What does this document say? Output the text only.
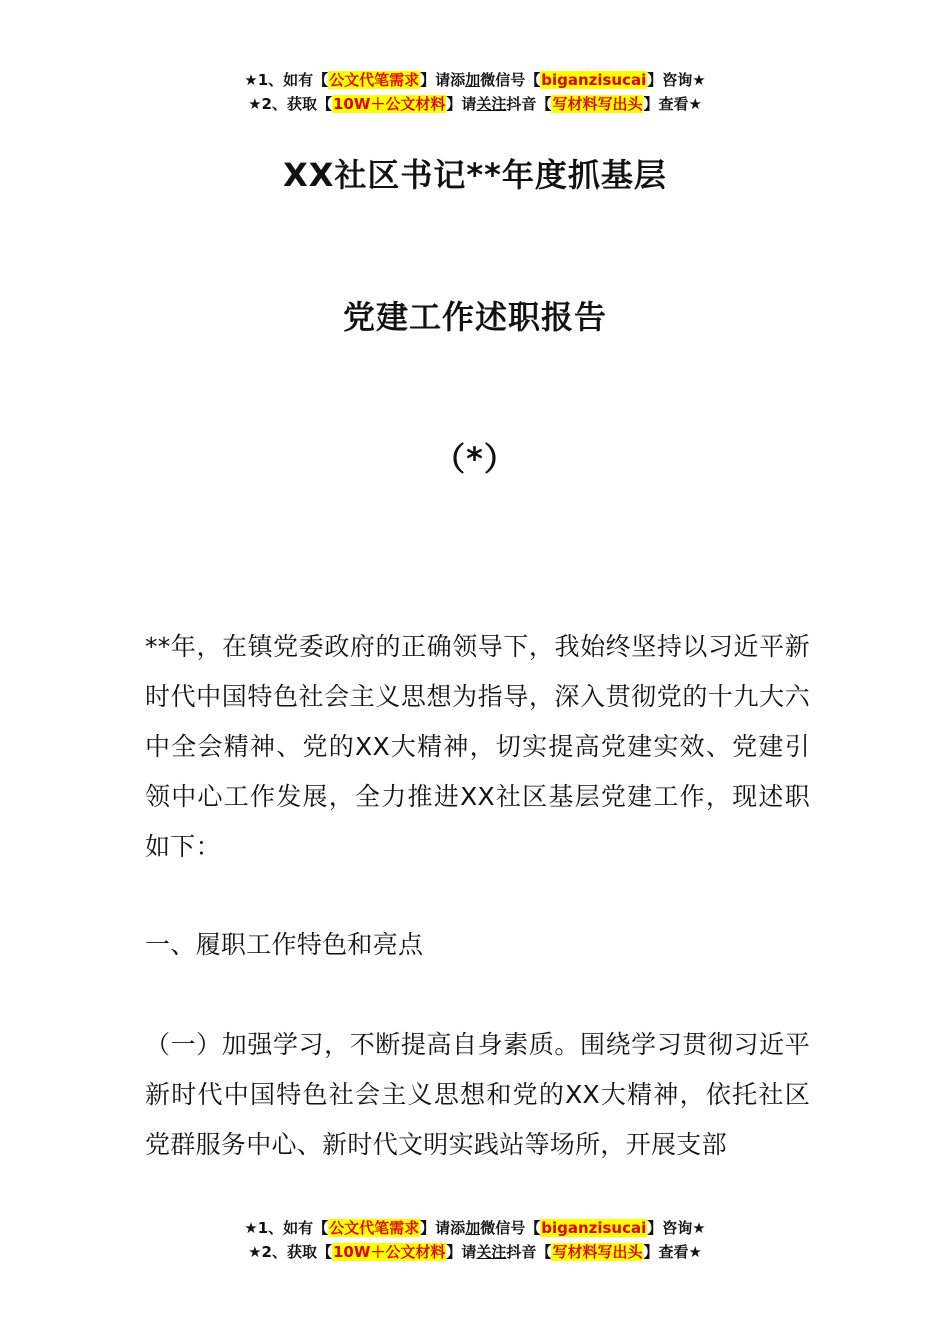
★1、如有【公文代笔需求】请添加微信号【biganzisucai】咨询★
★2、获取【10W＋公文材料】请关注抖音【写材料写出头】查看★
XX社区书记**年度抓基层
党建工作述职报告
（*）
**年，在镇党委政府的正确领导下，我始终坚持以习近平新时代中国特色社会主义思想为指导，深入贯彻党的十九大六中全会精神、党的XX大精神，切实提高党建实效、党建引领中心工作发展，全力推进XX社区基层党建工作，现述职如下：
一、履职工作特色和亮点
（一）加强学习，不断提高自身素质。围绕学习贯彻习近平新时代中国特色社会主义思想和党的XX大精神，依托社区党群服务中心、新时代文明实践站等场所，开展支部
★1、如有【公文代笔需求】请添加微信号【biganzisucai】咨询★
★2、获取【10W＋公文材料】请关注抖音【写材料写出头】查看★
